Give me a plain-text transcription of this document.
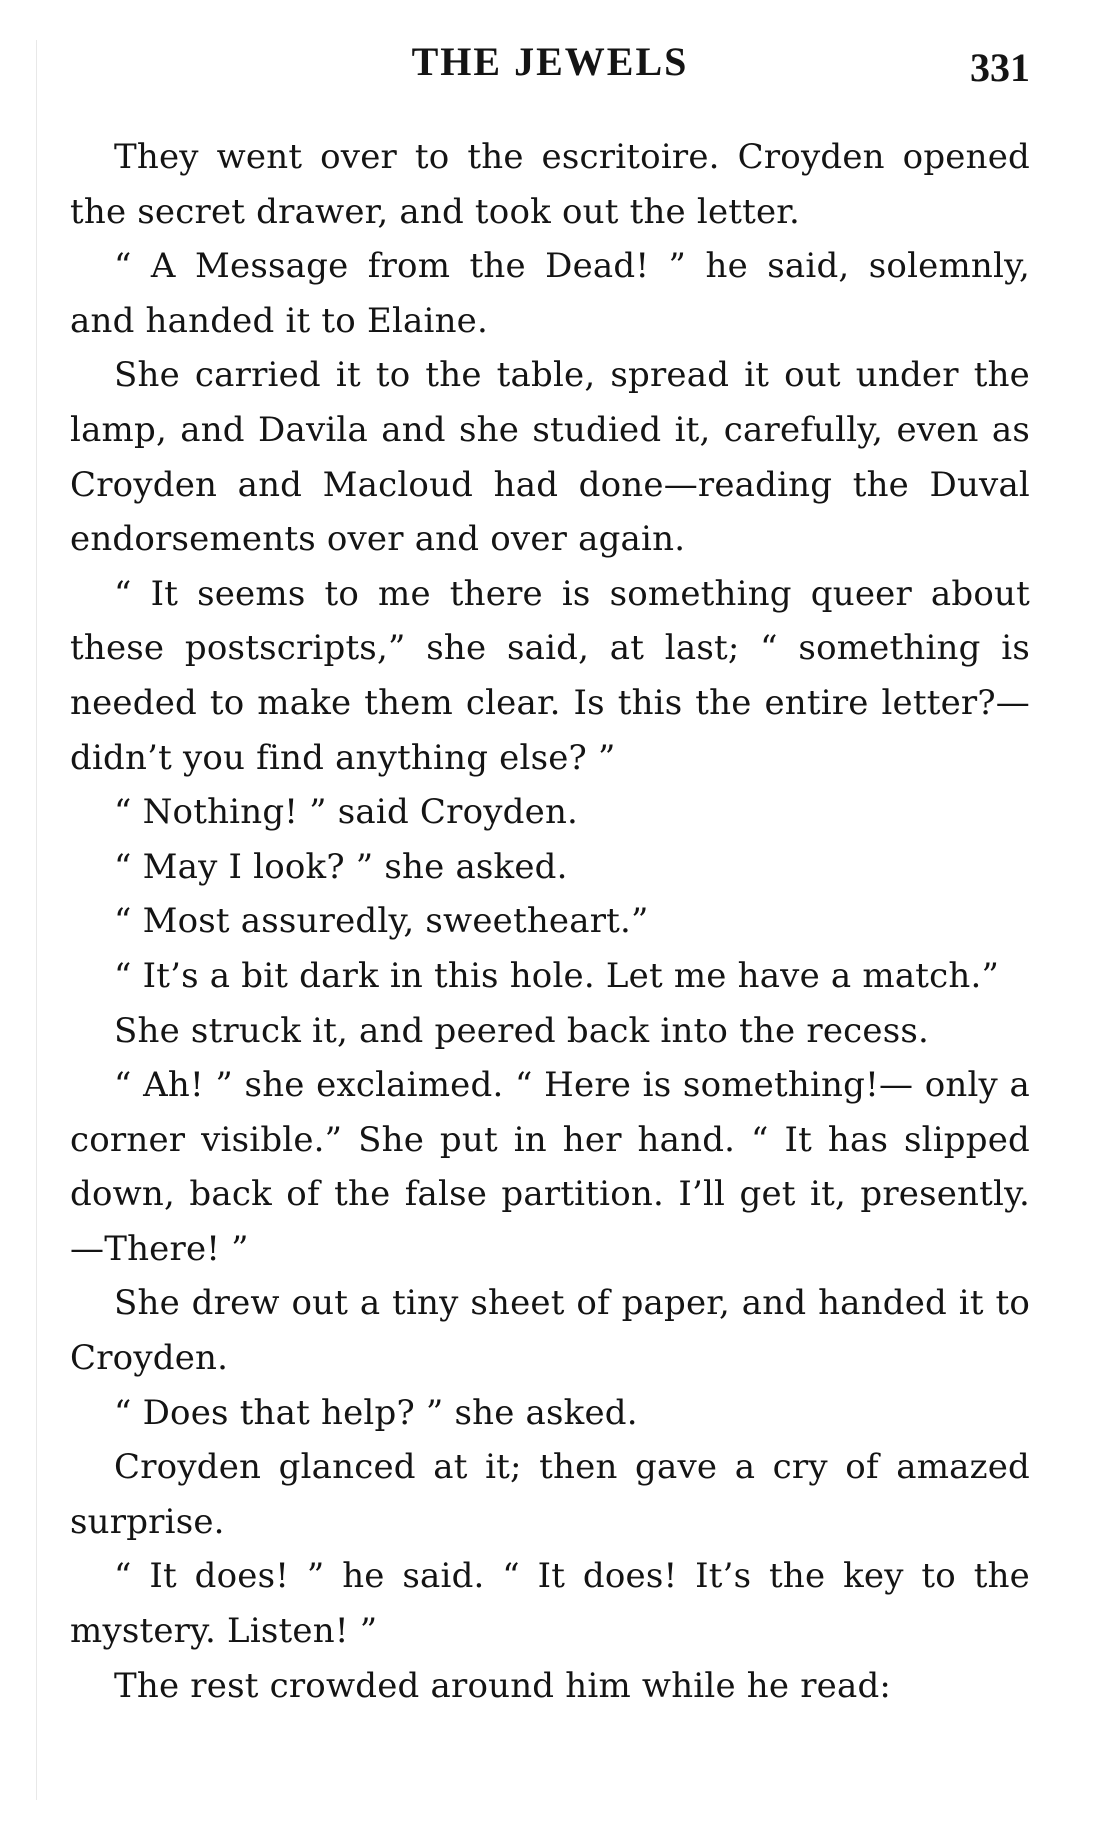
THE JEWELS	331

They went over to the escritoire. Croyden opened the secret drawer, and took out the letter.

“ A Message from the Dead! ” he said, solemnly, and handed it to Elaine.

She carried it to the table, spread it out under the lamp, and Davila and she studied it, carefully, even as Croyden and Macloud had done—reading the Duval endorsements over and over again.

“ It seems to me there is something queer about these postscripts,” she said, at last; “ something is needed to make them clear. Is this the entire letter?—didn’t you find anything else? ”

“ Nothing! ” said Croyden.

“ May I look? ” she asked.

“ Most assuredly, sweetheart.”

“ It’s a bit dark in this hole. Let me have a match.”

She struck it, and peered back into the recess.

“ Ah! ” she exclaimed. “ Here is something!— only a corner visible.” She put in her hand. “ It has slipped down, back of the false partition. I’ll get it, presently.—There! ”

She drew out a tiny sheet of paper, and handed it to Croyden.

“ Does that help? ” she asked.

Croyden glanced at it; then gave a cry of amazed surprise.

“ It does! ” he said. “ It does! It’s the key to the mystery. Listen! ”

The rest crowded around him while he read:
